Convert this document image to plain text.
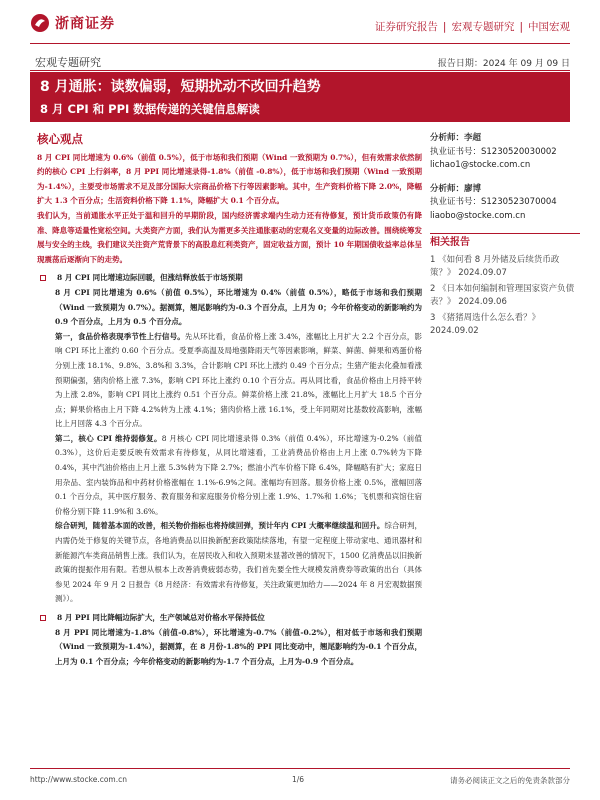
浙商证券	证券研究报告 | 宏观专题研究 | 中国宏观
宏观专题研究	报告日期：2024 年 09 月 09 日
8 月通胀：读数偏弱，短期扰动不改回升趋势
8 月 CPI 和 PPI 数据传递的关键信息解读
核心观点

8 月 CPI 同比增速为 0.6%（前值 0.5%），低于市场和我们预期（Wind 一致预期为 0.7%），但有效需求依然制约的核心 CPI 上行斜率，8 月 PPI 同比增速录得-1.8%（前值 -0.8%），低于市场和我们预期（Wind 一致预期为-1.4%），主要受市场需求不足及部分国际大宗商品价格下行等因素影响。其中，生产资料价格下降 2.0%，降幅扩大 1.3 个百分点；生活资料价格下降 1.1%，降幅扩大 0.1 个百分点。

我们认为，当前通胀水平正处于温和回升的早期阶段，国内经济需求端内生动力还有待修复，预计货币政策仍有降准、降息等适量性宽松空间。大类资产方面，我们认为需更多关注通胀驱动的宏观名义变量的边际改善。围绕统筹发展与安全的主线，我们建议关注资产荒背景下的高股息红利类资产，固定收益方面，预计 10 年期国债收益率总体呈现震荡后逐渐向下的走势。

8 月 CPI 同比增速边际回暖，但涨结释放低于市场预期

8 月 CPI 同比增速为 0.6%（前值 0.5%），环比增速为 0.4%（前值 0.5%），略低于市场和我们预期（Wind 一致预期为 0.7%）。据测算，翘尾影响约为-0.3 个百分点，上月为 0；今年价格变动的新影响约为 0.9 个百分点，上月为 0.5 个百分点。

第一，食品价格表现季节性上行信号。先从环比看，食品价格上涨 3.4%，涨幅比上月扩大 2.2 个百分点，影响 CPI 环比上涨约 0.60 个百分点。受夏季高温及局地强降雨天气等因素影响，鲜菜、鲜菌、鲜果和鸡蛋价格分别上涨 18.1%、9.8%、3.8%和 3.3%，合计影响 CPI 环比上涨约 0.49 个百分点；生猪产能去化叠加看涨预期偏强，猪肉价格上涨 7.3%，影响 CPI 环比上涨约 0.10 个百分点。再从同比看，食品价格由上月持平转为上涨 2.8%，影响 CPI 同比上涨约 0.51 个百分点。鲜菜价格上涨 21.8%，涨幅比上月扩大 18.5 个百分点；鲜果价格由上月下降 4.2%转为上涨 4.1%；猪肉价格上涨 16.1%，受上年同期对比基数较高影响，涨幅比上月回落 4.3 个百分点。

第二，核心 CPI 维持弱修复。8 月核心 CPI 同比增速录得 0.3%（前值 0.4%），环比增速为-0.2%（前值 0.3%），这价后走要反映有效需求有待修复，从同比增速看，工业消费品价格由上月上涨 0.7%转为下降 0.4%，其中汽油价格由上月上涨 5.3%转为下降 2.7%；燃油小汽车价格下降 6.4%，降幅略有扩大；家庭日用杂品、室内装饰品和中药材价格涨幅在 1.1%-6.9%之间。涨幅均有回落。服务价格上涨 0.5%，涨幅回落 0.1 个百分点，其中医疗服务、教育服务和家庭服务价格分别上涨 1.9%、1.7%和 1.6%；飞机票和宾馆住宿价格分别下降 11.9%和 3.6%。

综合研判，随着基本面的改善，相关物价指标也将持续回弹，预计年内 CPI 大概率继续温和回升。综合研判，内需仍处于修复的关键节点，各地消费品以旧换新配套政策陆续落地，有望一定程度上带动家电、通讯器材和新能源汽车类商品销售上涨。我们认为，在居民收入和收入预期未显著改善的情况下，1500 亿消费品以旧换新政策的提振作用有限。若想从根本上改善消费疲弱态势，我们首先要全性大规模发消费券等政策的出台（具体参见 2024 年 9 月 2 日报告《8 月经济：有效需求有待修复，关注政策更加给力——2024 年 8 月宏观数据预测》）。

8 月 PPI 同比降幅边际扩大，生产领域总对价格水平保持低位

8 月 PPI 同比增速为-1.8%（前值-0.8%），环比增速为-0.7%（前值-0.2%），相对低于市场和我们预期（Wind 一致预期为-1.4%），据测算，在 8 月份-1.8%的 PPI 同比变动中，翘尾影响约为-0.1 个百分点，上月为 0.1 个百分点；今年价格变动的新影响约为-1.7 个百分点，上月为-0.9 个百分点。

分析师：李超
执业证书号：S1230520030002
lichao1@stocke.com.cn
分析师：廖博
执业证书号：S1230523070004
liaobo@stocke.com.cn
相关报告
1 《如何看 8 月外储及后续货币政策？》 2024.09.07
2 《日本如何编制和管理国家资产负债表？》 2024.09.06
3 《猪猪周选什么怎么看？》 2024.09.02
http://www.stocke.com.cn	1/6	请务必阅读正文之后的免责条款部分
